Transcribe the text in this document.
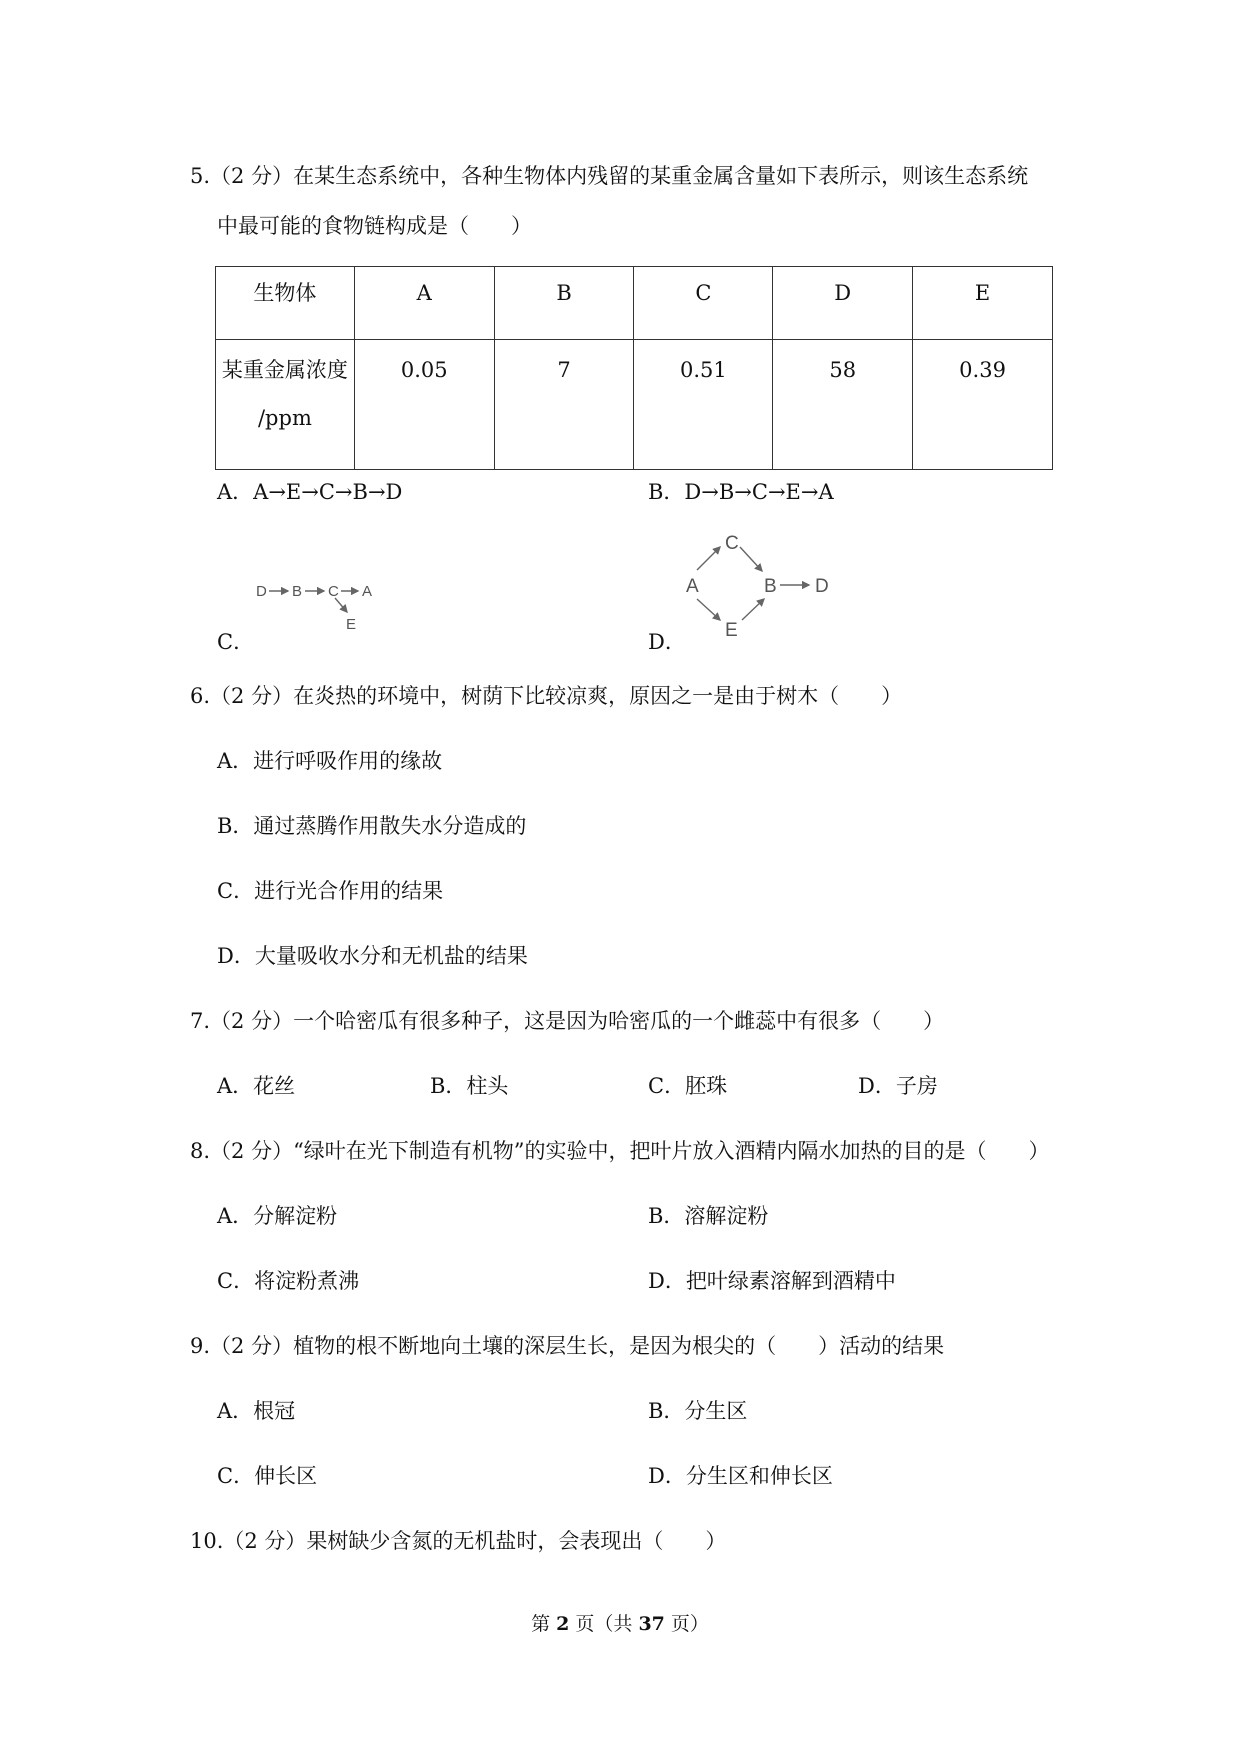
5.（2 分）在某生态系统中，各种生物体内残留的某重金属含量如下表所示，则该生态系统
中最可能的食物链构成是（　　）
生物体	A	B	C	D	E

某重金属浓度
/ppm	0.05	7	0.51	58	0.39
A．A→E→C→B→D	B．D→B→C→E→A
C．	D．
D B C A
E
C
A	B D
E
6.（2 分）在炎热的环境中，树荫下比较凉爽，原因之一是由于树木（　　）
A．进行呼吸作用的缘故
B．通过蒸腾作用散失水分造成的
C．进行光合作用的结果
D．大量吸收水分和无机盐的结果
7.（2 分）一个哈密瓜有很多种子，这是因为哈密瓜的一个雌蕊中有很多（　　）
A．花丝	B．柱头	C．胚珠	D．子房
8.（2 分）“绿叶在光下制造有机物”的实验中，把叶片放入酒精内隔水加热的目的是（　　）
A．分解淀粉	B．溶解淀粉
C．将淀粉煮沸	D．把叶绿素溶解到酒精中
9.（2 分）植物的根不断地向土壤的深层生长，是因为根尖的（　　）活动的结果
A．根冠	B．分生区
C．伸长区	D．分生区和伸长区
10.（2 分）果树缺少含氮的无机盐时，会表现出（　　）
第 2 页（共 37 页）
